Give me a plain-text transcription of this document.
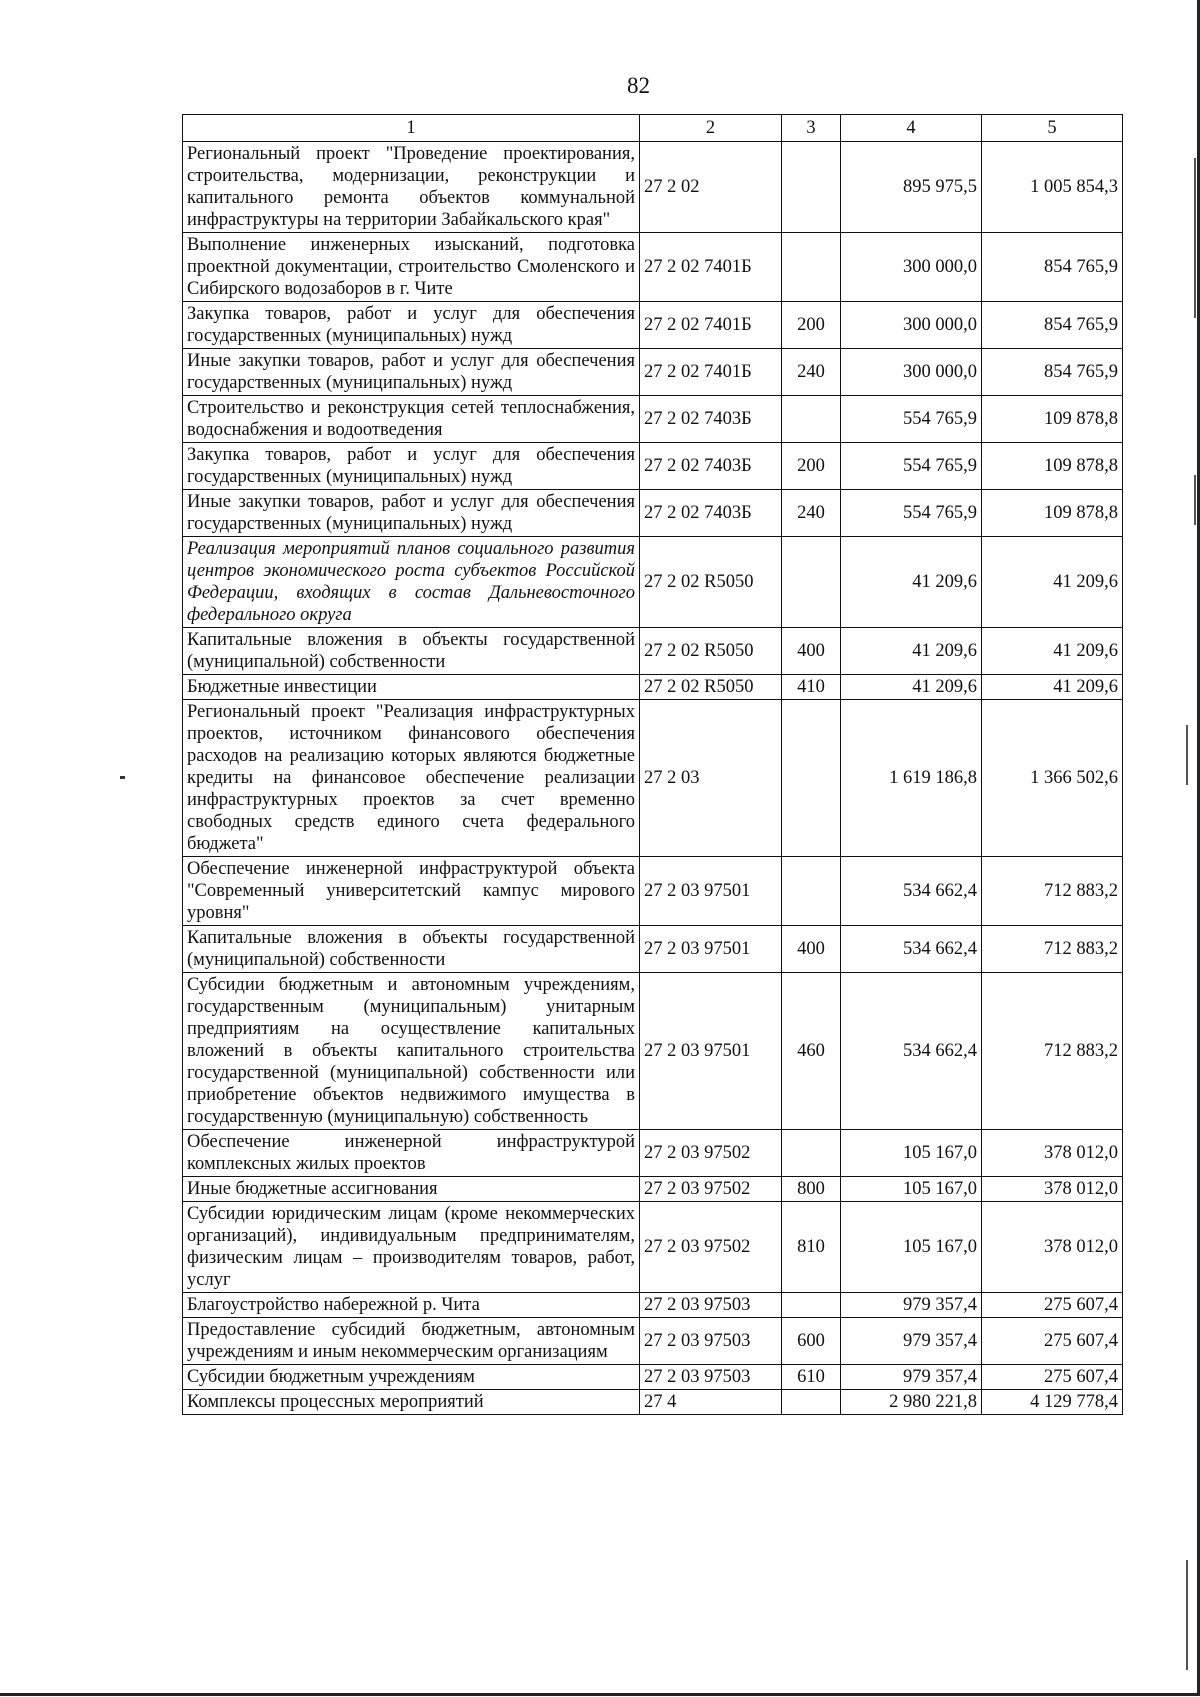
82
1	2	3	4	5
Региональный проект "Проведение проектирования, строительства, модернизации, реконструкции и капитального ремонта объектов коммунальной инфраструктуры на территории Забайкальского края"	27 2 02		895 975,5	1 005 854,3
Выполнение инженерных изысканий, подготовка проектной документации, строительство Смоленского и Сибирского водозаборов в г. Чите	27 2 02 7401Б		300 000,0	854 765,9
Закупка товаров, работ и услуг для обеспечения государственных (муниципальных) нужд	27 2 02 7401Б	200	300 000,0	854 765,9
Иные закупки товаров, работ и услуг для обеспечения государственных (муниципальных) нужд	27 2 02 7401Б	240	300 000,0	854 765,9
Строительство и реконструкция сетей теплоснабжения, водоснабжения и водоотведения	27 2 02 7403Б		554 765,9	109 878,8
Закупка товаров, работ и услуг для обеспечения государственных (муниципальных) нужд	27 2 02 7403Б	200	554 765,9	109 878,8
Иные закупки товаров, работ и услуг для обеспечения государственных (муниципальных) нужд	27 2 02 7403Б	240	554 765,9	109 878,8
Реализация мероприятий планов социального развития центров экономического роста субъектов Российской Федерации, входящих в состав Дальневосточного федерального округа	27 2 02 R5050		41 209,6	41 209,6
Капитальные вложения в объекты государственной (муниципальной) собственности	27 2 02 R5050	400	41 209,6	41 209,6
Бюджетные инвестиции	27 2 02 R5050	410	41 209,6	41 209,6
Региональный проект "Реализация инфраструктурных проектов, источником финансового обеспечения расходов на реализацию которых являются бюджетные кредиты на финансовое обеспечение реализации инфраструктурных проектов за счет временно свободных средств единого счета федерального бюджета"	27 2 03		1 619 186,8	1 366 502,6
Обеспечение инженерной инфраструктурой объекта "Современный университетский кампус мирового уровня"	27 2 03 97501		534 662,4	712 883,2
Капитальные вложения в объекты государственной (муниципальной) собственности	27 2 03 97501	400	534 662,4	712 883,2
Субсидии бюджетным и автономным учреждениям, государственным (муниципальным) унитарным предприятиям на осуществление капитальных вложений в объекты капитального строительства государственной (муниципальной) собственности или приобретение объектов недвижимого имущества в государственную (муниципальную) собственность	27 2 03 97501	460	534 662,4	712 883,2
Обеспечение инженерной инфраструктурой комплексных жилых проектов	27 2 03 97502		105 167,0	378 012,0
Иные бюджетные ассигнования	27 2 03 97502	800	105 167,0	378 012,0
Субсидии юридическим лицам (кроме некоммерческих организаций), индивидуальным предпринимателям, физическим лицам – производителям товаров, работ, услуг	27 2 03 97502	810	105 167,0	378 012,0
Благоустройство набережной р. Чита	27 2 03 97503		979 357,4	275 607,4
Предоставление субсидий бюджетным, автономным учреждениям и иным некоммерческим организациям	27 2 03 97503	600	979 357,4	275 607,4
Субсидии бюджетным учреждениям	27 2 03 97503	610	979 357,4	275 607,4
Комплексы процессных мероприятий	27 4		2 980 221,8	4 129 778,4
